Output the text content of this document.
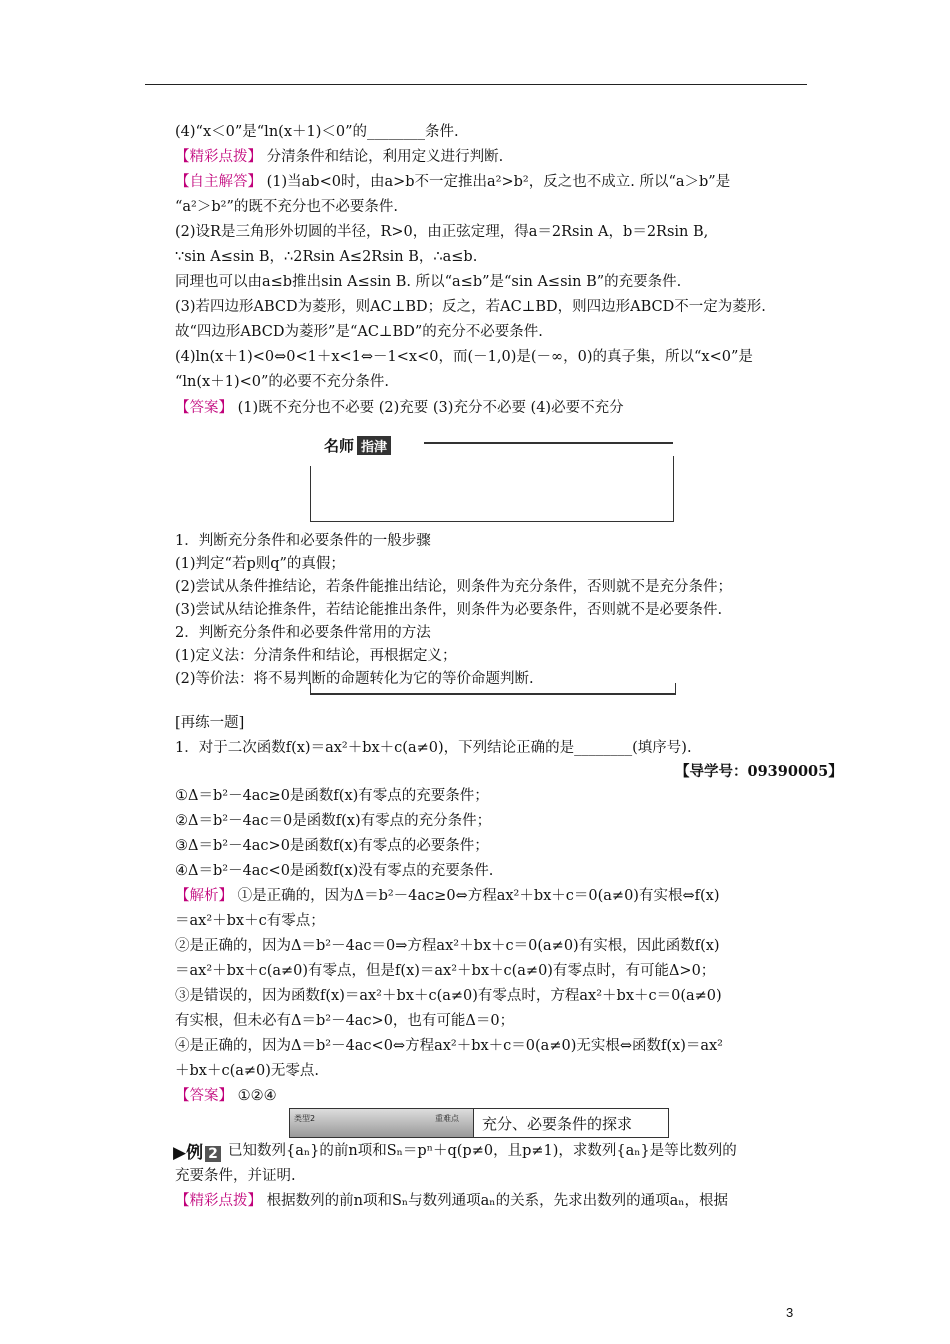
(4)“x＜0”是“ln(x＋1)＜0”的________条件.
【精彩点拨】 分清条件和结论，利用定义进行判断.
【自主解答】 (1)当ab<0时，由a>b不一定推出a²>b²，反之也不成立. 所以“a＞b”是
“a²＞b²”的既不充分也不必要条件.
(2)设R是三角形外切圆的半径，R>0，由正弦定理，得a＝2Rsin A，b＝2Rsin B,
∵sin A≤sin B，∴2Rsin A≤2Rsin B，∴a≤b.
同理也可以由a≤b推出sin A≤sin B. 所以“a≤b”是“sin A≤sin B”的充要条件.
(3)若四边形ABCD为菱形，则AC⊥BD；反之，若AC⊥BD，则四边形ABCD不一定为菱形.
故“四边形ABCD为菱形”是“AC⊥BD”的充分不必要条件.
(4)ln(x＋1)<0⇔0<1＋x<1⇔－1<x<0，而(－1,0)是(－∞，0)的真子集，所以“x<0”是
“ln(x＋1)<0”的必要不充分条件.
【答案】 (1)既不充分也不必要 (2)充要 (3)充分不必要 (4)必要不充分
名师 指津
1．判断充分条件和必要条件的一般步骤
(1)判定“若p则q”的真假；
(2)尝试从条件推结论，若条件能推出结论，则条件为充分条件，否则就不是充分条件；
(3)尝试从结论推条件，若结论能推出条件，则条件为必要条件，否则就不是必要条件.
2．判断充分条件和必要条件常用的方法
(1)定义法：分清条件和结论，再根据定义；
(2)等价法：将不易判断的命题转化为它的等价命题判断.
[再练一题]
1．对于二次函数f(x)＝ax²＋bx＋c(a≠0)，下列结论正确的是________(填序号).
【导学号：09390005】
①Δ＝b²－4ac≥0是函数f(x)有零点的充要条件；
②Δ＝b²－4ac＝0是函数f(x)有零点的充分条件；
③Δ＝b²－4ac>0是函数f(x)有零点的必要条件；
④Δ＝b²－4ac<0是函数f(x)没有零点的充要条件.
【解析】 ①是正确的，因为Δ＝b²－4ac≥0⇔方程ax²＋bx＋c＝0(a≠0)有实根⇔f(x)
＝ax²＋bx＋c有零点；
②是正确的，因为Δ＝b²－4ac＝0⇒方程ax²＋bx＋c＝0(a≠0)有实根，因此函数f(x)
＝ax²＋bx＋c(a≠0)有零点，但是f(x)＝ax²＋bx＋c(a≠0)有零点时，有可能Δ>0；
③是错误的，因为函数f(x)＝ax²＋bx＋c(a≠0)有零点时，方程ax²＋bx＋c＝0(a≠0)
有实根，但未必有Δ＝b²－4ac>0，也有可能Δ＝0；
④是正确的，因为Δ＝b²－4ac<0⇔方程ax²＋bx＋c＝0(a≠0)无实根⇔函数f(x)＝ax²
＋bx＋c(a≠0)无零点.
【答案】 ①②④
类型2	重难点	充分、必要条件的探求
▶例 2 已知数列{aₙ}的前n项和Sₙ＝pⁿ＋q(p≠0，且p≠1)，求数列{aₙ}是等比数列的
充要条件，并证明.
【精彩点拨】 根据数列的前n项和Sₙ与数列通项aₙ的关系，先求出数列的通项aₙ，根据
3
